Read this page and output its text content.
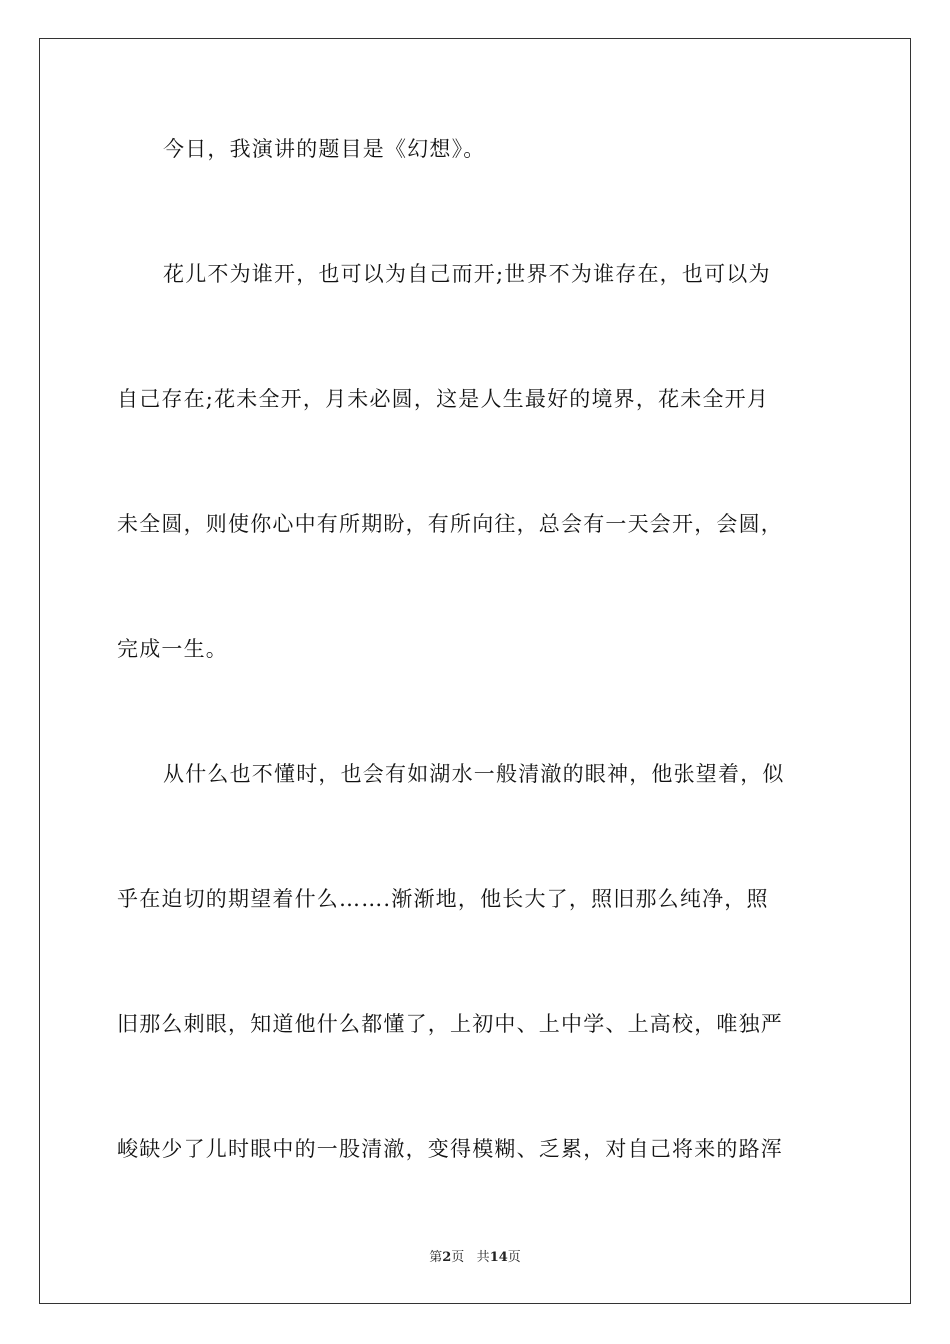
今日，我演讲的题目是《幻想》。
花儿不为谁开，也可以为自己而开;世界不为谁存在，也可以为
自己存在;花未全开，月未必圆，这是人生最好的境界，花未全开月
未全圆，则使你心中有所期盼，有所向往，总会有一天会开，会圆，
完成一生。
从什么也不懂时，也会有如湖水一般清澈的眼神，他张望着，似
乎在迫切的期望着什么…….渐渐地，他长大了，照旧那么纯净，照
旧那么刺眼，知道他什么都懂了，上初中、上中学、上高校，唯独严
峻缺少了儿时眼中的一股清澈，变得模糊、乏累，对自己将来的路浑
第2页 共14页
